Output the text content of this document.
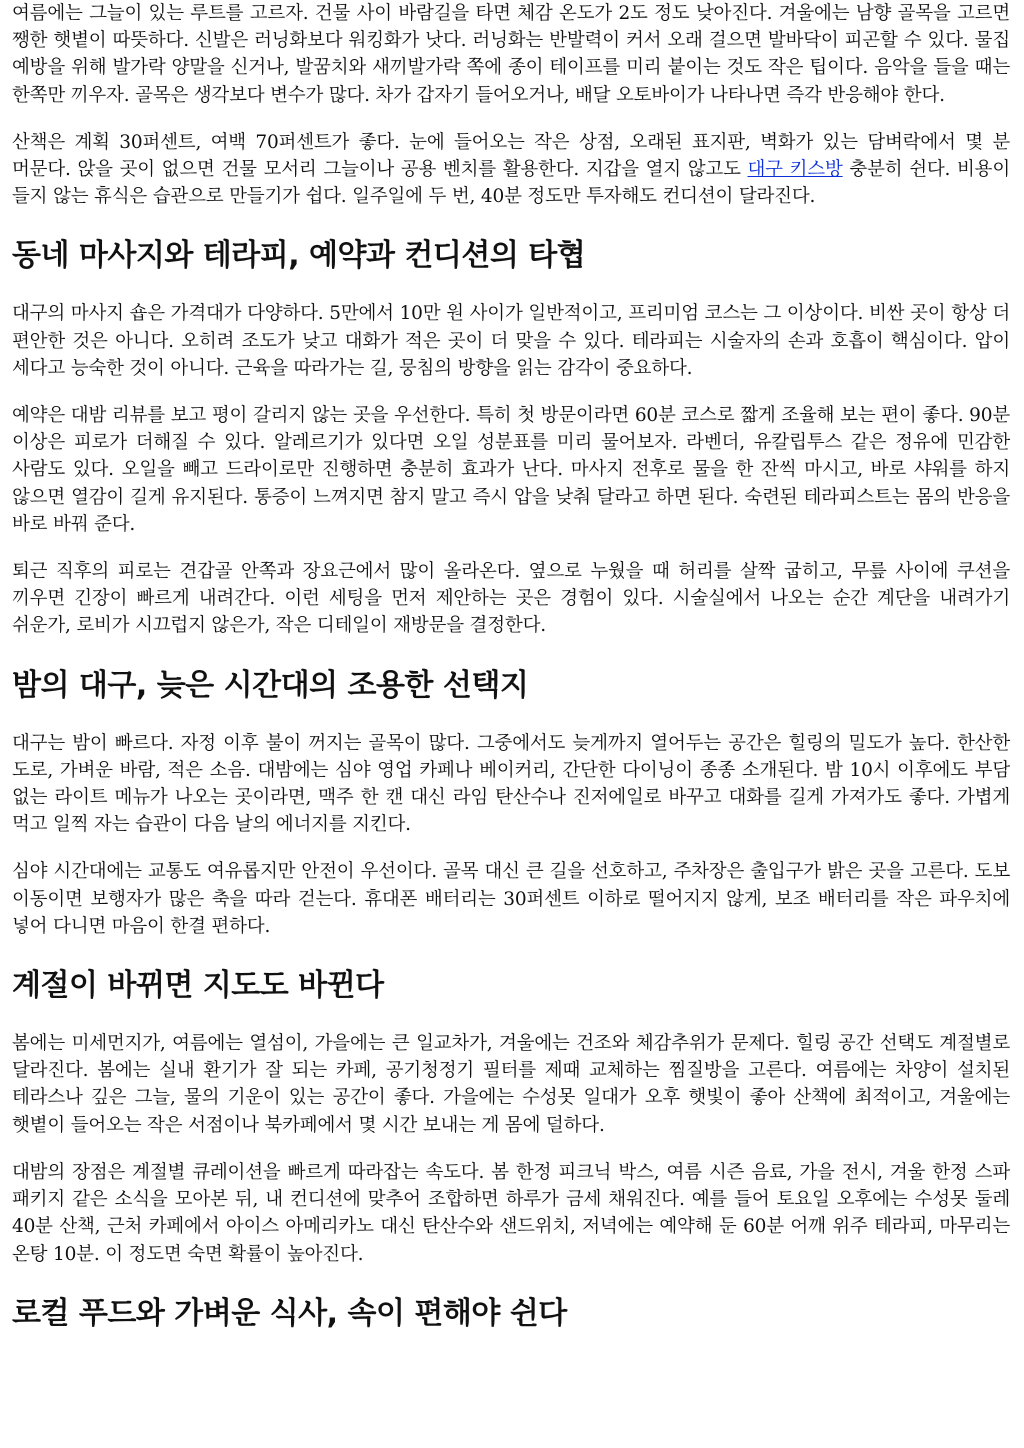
여름에는 그늘이 있는 루트를 고르자. 건물 사이 바람길을 타면 체감 온도가 2도 정도 낮아진다. 겨울에는 남향 골목을 고르면 쨍한 햇볕이 따뜻하다. 신발은 러닝화보다 워킹화가 낫다. 러닝화는 반발력이 커서 오래 걸으면 발바닥이 피곤할 수 있다. 물집 예방을 위해 발가락 양말을 신거나, 발꿈치와 새끼발가락 쪽에 종이 테이프를 미리 붙이는 것도 작은 팁이다. 음악을 들을 때는 한쪽만 끼우자. 골목은 생각보다 변수가 많다. 차가 갑자기 들어오거나, 배달 오토바이가 나타나면 즉각 반응해야 한다.

산책은 계획 30퍼센트, 여백 70퍼센트가 좋다. 눈에 들어오는 작은 상점, 오래된 표지판, 벽화가 있는 담벼락에서 몇 분 머문다. 앉을 곳이 없으면 건물 모서리 그늘이나 공용 벤치를 활용한다. 지갑을 열지 않고도 대구 키스방 충분히 쉰다. 비용이 들지 않는 휴식은 습관으로 만들기가 쉽다. 일주일에 두 번, 40분 정도만 투자해도 컨디션이 달라진다.

동네 마사지와 테라피, 예약과 컨디션의 타협

대구의 마사지 숍은 가격대가 다양하다. 5만에서 10만 원 사이가 일반적이고, 프리미엄 코스는 그 이상이다. 비싼 곳이 항상 더 편안한 것은 아니다. 오히려 조도가 낮고 대화가 적은 곳이 더 맞을 수 있다. 테라피는 시술자의 손과 호흡이 핵심이다. 압이 세다고 능숙한 것이 아니다. 근육을 따라가는 길, 뭉침의 방향을 읽는 감각이 중요하다.

예약은 대밤 리뷰를 보고 평이 갈리지 않는 곳을 우선한다. 특히 첫 방문이라면 60분 코스로 짧게 조율해 보는 편이 좋다. 90분 이상은 피로가 더해질 수 있다. 알레르기가 있다면 오일 성분표를 미리 물어보자. 라벤더, 유칼립투스 같은 정유에 민감한 사람도 있다. 오일을 빼고 드라이로만 진행하면 충분히 효과가 난다. 마사지 전후로 물을 한 잔씩 마시고, 바로 샤워를 하지 않으면 열감이 길게 유지된다. 통증이 느껴지면 참지 말고 즉시 압을 낮춰 달라고 하면 된다. 숙련된 테라피스트는 몸의 반응을 바로 바꿔 준다.

퇴근 직후의 피로는 견갑골 안쪽과 장요근에서 많이 올라온다. 옆으로 누웠을 때 허리를 살짝 굽히고, 무릎 사이에 쿠션을 끼우면 긴장이 빠르게 내려간다. 이런 세팅을 먼저 제안하는 곳은 경험이 있다. 시술실에서 나오는 순간 계단을 내려가기 쉬운가, 로비가 시끄럽지 않은가, 작은 디테일이 재방문을 결정한다.

밤의 대구, 늦은 시간대의 조용한 선택지

대구는 밤이 빠르다. 자정 이후 불이 꺼지는 골목이 많다. 그중에서도 늦게까지 열어두는 공간은 힐링의 밀도가 높다. 한산한 도로, 가벼운 바람, 적은 소음. 대밤에는 심야 영업 카페나 베이커리, 간단한 다이닝이 종종 소개된다. 밤 10시 이후에도 부담 없는 라이트 메뉴가 나오는 곳이라면, 맥주 한 캔 대신 라임 탄산수나 진저에일로 바꾸고 대화를 길게 가져가도 좋다. 가볍게 먹고 일찍 자는 습관이 다음 날의 에너지를 지킨다.

심야 시간대에는 교통도 여유롭지만 안전이 우선이다. 골목 대신 큰 길을 선호하고, 주차장은 출입구가 밝은 곳을 고른다. 도보 이동이면 보행자가 많은 축을 따라 걷는다. 휴대폰 배터리는 30퍼센트 이하로 떨어지지 않게, 보조 배터리를 작은 파우치에 넣어 다니면 마음이 한결 편하다.

계절이 바뀌면 지도도 바뀐다

봄에는 미세먼지가, 여름에는 열섬이, 가을에는 큰 일교차가, 겨울에는 건조와 체감추위가 문제다. 힐링 공간 선택도 계절별로 달라진다. 봄에는 실내 환기가 잘 되는 카페, 공기청정기 필터를 제때 교체하는 찜질방을 고른다. 여름에는 차양이 설치된 테라스나 깊은 그늘, 물의 기운이 있는 공간이 좋다. 가을에는 수성못 일대가 오후 햇빛이 좋아 산책에 최적이고, 겨울에는 햇볕이 들어오는 작은 서점이나 북카페에서 몇 시간 보내는 게 몸에 덜하다.

대밤의 장점은 계절별 큐레이션을 빠르게 따라잡는 속도다. 봄 한정 피크닉 박스, 여름 시즌 음료, 가을 전시, 겨울 한정 스파 패키지 같은 소식을 모아본 뒤, 내 컨디션에 맞추어 조합하면 하루가 금세 채워진다. 예를 들어 토요일 오후에는 수성못 둘레 40분 산책, 근처 카페에서 아이스 아메리카노 대신 탄산수와 샌드위치, 저녁에는 예약해 둔 60분 어깨 위주 테라피, 마무리는 온탕 10분. 이 정도면 숙면 확률이 높아진다.

로컬 푸드와 가벼운 식사, 속이 편해야 쉰다
